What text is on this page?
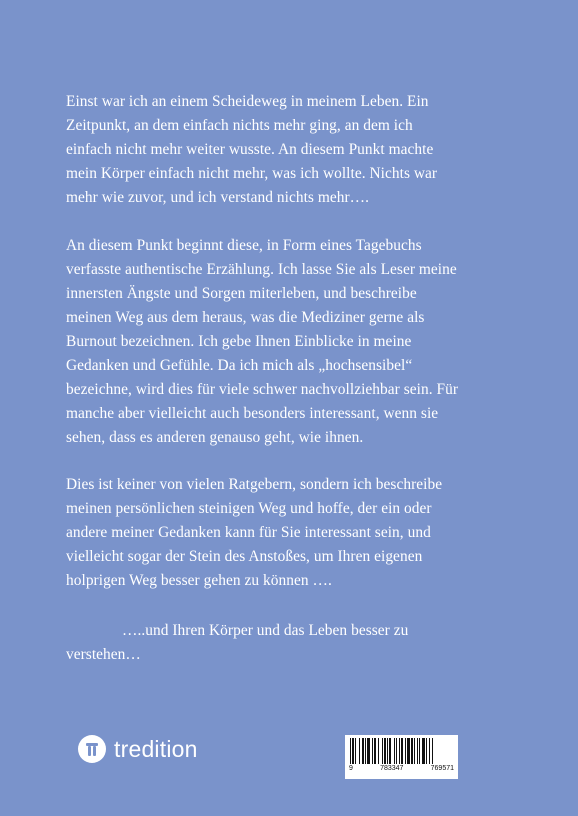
Einst war ich an einem Scheideweg in meinem Leben. Ein
Zeitpunkt, an dem einfach nichts mehr ging, an dem ich
einfach nicht mehr weiter wusste. An diesem Punkt machte
mein Körper einfach nicht mehr, was ich wollte. Nichts war
mehr wie zuvor, und ich verstand nichts mehr….
An diesem Punkt beginnt diese, in Form eines Tagebuchs
verfasste authentische Erzählung. Ich lasse Sie als Leser meine
innersten Ängste und Sorgen miterleben, und beschreibe
meinen Weg aus dem heraus, was die Mediziner gerne als
Burnout bezeichnen. Ich gebe Ihnen Einblicke in meine
Gedanken und Gefühle. Da ich mich als „hochsensibel“
bezeichne, wird dies für viele schwer nachvollziehbar sein. Für
manche aber vielleicht auch besonders interessant, wenn sie
sehen, dass es anderen genauso geht, wie ihnen.
Dies ist keiner von vielen Ratgebern, sondern ich beschreibe
meinen persönlichen steinigen Weg und hoffe, der ein oder
andere meiner Gedanken kann für Sie interessant sein, und
vielleicht sogar der Stein des Anstoßes, um Ihren eigenen
holprigen Weg besser gehen zu können ….
…..und Ihren Körper und das Leben besser zu
verstehen…
tredition
9	783347	769571
